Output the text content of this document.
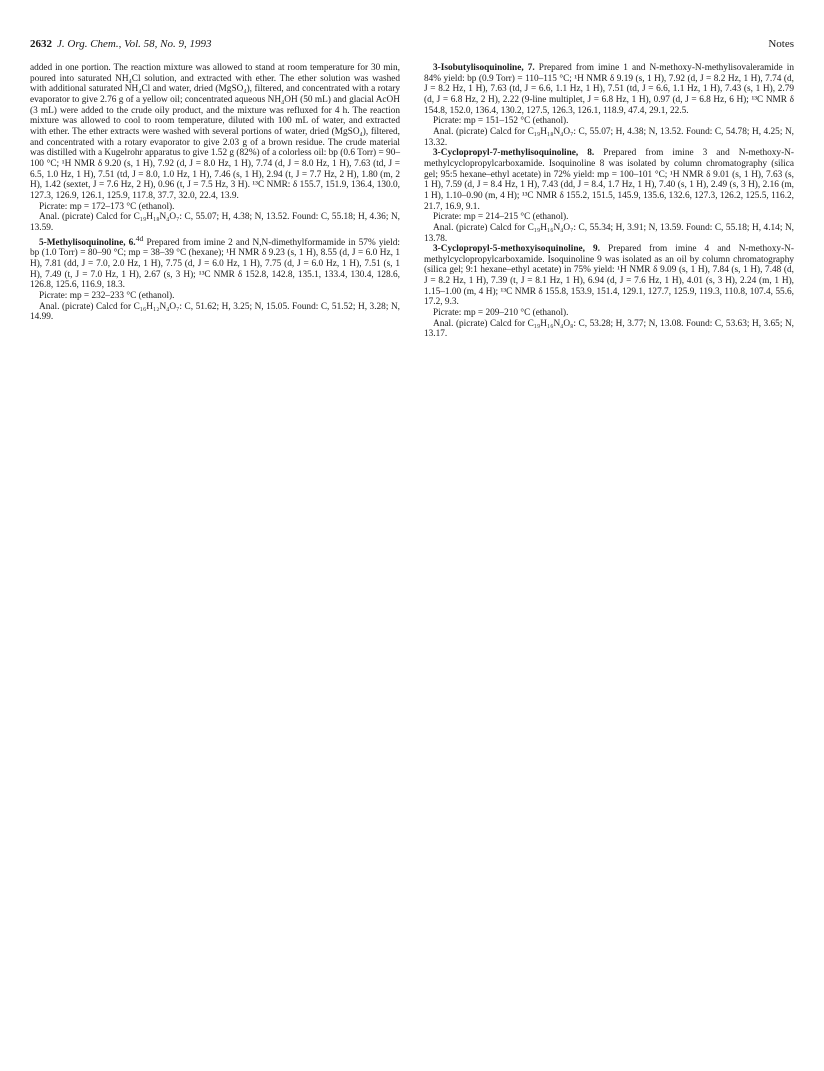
2632 J. Org. Chem., Vol. 58, No. 9, 1993	Notes

added in one portion. The reaction mixture was allowed to stand at room temperature for 30 min, poured into saturated NH₄Cl solution, and extracted with ether. The ether solution was washed with additional saturated NH₄Cl and water, dried (MgSO₄), filtered, and concentrated with a rotary evaporator to give 2.76 g of a yellow oil; concentrated aqueous NH₄OH (50 mL) and glacial AcOH (3 mL) were added to the crude oily product, and the mixture was refluxed for 4 h. The reaction mixture was allowed to cool to room temperature, diluted with 100 mL of water, and extracted with ether. The ether extracts were washed with several portions of water, dried (MgSO₄), filtered, and concentrated with a rotary evaporator to give 2.03 g of a brown residue. The crude material was distilled with a Kugelrohr apparatus to give 1.52 g (82%) of a colorless oil: bp (0.6 Torr) = 90–100 °C; ¹H NMR δ 9.20 (s, 1 H), 7.92 (d, J = 8.0 Hz, 1 H), 7.74 (d, J = 8.0 Hz, 1 H), 7.63 (td, J = 6.5, 1.0 Hz, 1 H), 7.51 (td, J = 8.0, 1.0 Hz, 1 H), 7.46 (s, 1 H), 2.94 (t, J = 7.7 Hz, 2 H), 1.80 (m, 2 H), 1.42 (sextet, J = 7.6 Hz, 2 H), 0.96 (t, J = 7.5 Hz, 3 H). ¹³C NMR: δ 155.7, 151.9, 136.4, 130.0, 127.3, 126.9, 126.1, 125.9, 117.8, 37.7, 32.0, 22.4, 13.9.

Picrate: mp = 172–173 °C (ethanol).

Anal. (picrate) Calcd for C₁₉H₁₈N₄O₇: C, 55.07; H, 4.38; N, 13.52. Found: C, 55.18; H, 4.36; N, 13.59.

5-Methylisoquinoline, 6.$^{4d}$ Prepared from imine 2 and N,N-dimethylformamide in 57% yield: bp (1.0 Torr) = 80–90 °C; mp = 38–39 °C (hexane); ¹H NMR δ 9.23 (s, 1 H), 8.55 (d, J = 6.0 Hz, 1 H), 7.81 (dd, J = 7.0, 2.0 Hz, 1 H), 7.75 (d, J = 6.0 Hz, 1 H), 7.75 (d, J = 6.0 Hz, 1 H), 7.51 (s, 1 H), 7.49 (t, J = 7.0 Hz, 1 H), 2.67 (s, 3 H); ¹³C NMR δ 152.8, 142.8, 135.1, 133.4, 130.4, 128.6, 126.8, 125.6, 116.9, 18.3.

Picrate: mp = 232–233 °C (ethanol).

Anal. (picrate) Calcd for C₁₆H₁₂N₄O₇: C, 51.62; H, 3.25; N, 15.05. Found: C, 51.52; H, 3.28; N, 14.99.

3-Isobutylisoquinoline, 7. Prepared from imine 1 and N-methoxy-N-methylisovaleramide in 84% yield: bp (0.9 Torr) = 110–115 °C; ¹H NMR δ 9.19 (s, 1 H), 7.92 (d, J = 8.2 Hz, 1 H), 7.74 (d, J = 8.2 Hz, 1 H), 7.63 (td, J = 6.6, 1.1 Hz, 1 H), 7.51 (td, J = 6.6, 1.1 Hz, 1 H), 7.43 (s, 1 H), 2.79 (d, J = 6.8 Hz, 2 H), 2.22 (9-line multiplet, J = 6.8 Hz, 1 H), 0.97 (d, J = 6.8 Hz, 6 H); ¹³C NMR δ 154.8, 152.0, 136.4, 130.2, 127.5, 126.3, 126.1, 118.9, 47.4, 29.1, 22.5.

Picrate: mp = 151–152 °C (ethanol).

Anal. (picrate) Calcd for C₁₉H₁₈N₄O₇: C, 55.07; H, 4.38; N, 13.52. Found: C, 54.78; H, 4.25; N, 13.32.

3-Cyclopropyl-7-methylisoquinoline, 8. Prepared from imine 3 and N-methoxy-N-methylcyclopropylcarboxamide. Isoquinoline 8 was isolated by column chromatography (silica gel; 95:5 hexane–ethyl acetate) in 72% yield: mp = 100–101 °C; ¹H NMR δ 9.01 (s, 1 H), 7.63 (s, 1 H), 7.59 (d, J = 8.4 Hz, 1 H), 7.43 (dd, J = 8.4, 1.7 Hz, 1 H), 7.40 (s, 1 H), 2.49 (s, 3 H), 2.16 (m, 1 H), 1.10–0.90 (m, 4 H); ¹³C NMR δ 155.2, 151.5, 145.9, 135.6, 132.6, 127.3, 126.2, 125.5, 116.2, 21.7, 16.9, 9.1.

Picrate: mp = 214–215 °C (ethanol).

Anal. (picrate) Calcd for C₁₉H₁₆N₄O₇: C, 55.34; H, 3.91; N, 13.59. Found: C, 55.18; H, 4.14; N, 13.78.

3-Cyclopropyl-5-methoxyisoquinoline, 9. Prepared from imine 4 and N-methoxy-N-methylcyclopropylcarboxamide. Isoquinoline 9 was isolated as an oil by column chromatography (silica gel; 9:1 hexane–ethyl acetate) in 75% yield: ¹H NMR δ 9.09 (s, 1 H), 7.84 (s, 1 H), 7.48 (d, J = 8.2 Hz, 1 H), 7.39 (t, J = 8.1 Hz, 1 H), 6.94 (d, J = 7.6 Hz, 1 H), 4.01 (s, 3 H), 2.24 (m, 1 H), 1.15–1.00 (m, 4 H); ¹³C NMR δ 155.8, 153.9, 151.4, 129.1, 127.7, 125.9, 119.3, 110.8, 107.4, 55.6, 17.2, 9.3.

Picrate: mp = 209–210 °C (ethanol).

Anal. (picrate) Calcd for C₁₉H₁₆N₄O₈: C, 53.28; H, 3.77; N, 13.08. Found: C, 53.63; H, 3.65; N, 13.17.
